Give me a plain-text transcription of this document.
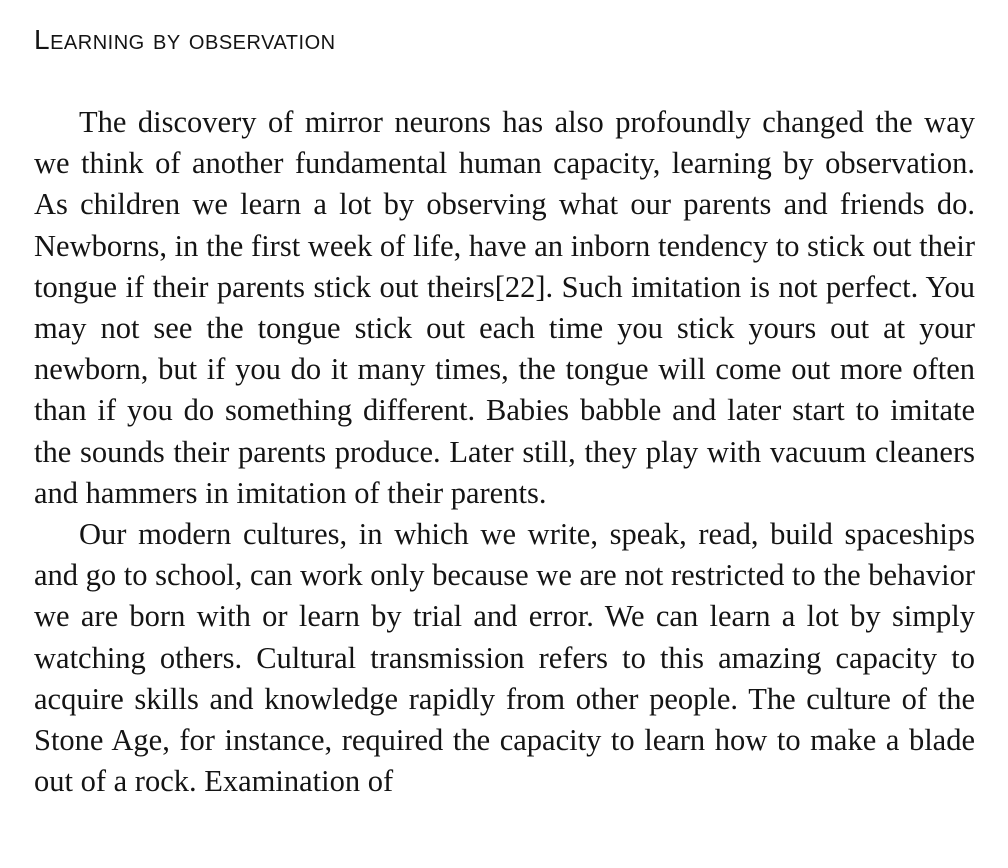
Learning by observation

The discovery of mirror neurons has also profoundly changed the way we think of another fundamental human capacity, learning by observation. As children we learn a lot by observing what our parents and friends do. Newborns, in the first week of life, have an inborn tendency to stick out their tongue if their parents stick out theirs[22]. Such imitation is not perfect. You may not see the tongue stick out each time you stick yours out at your newborn, but if you do it many times, the tongue will come out more often than if you do something different. Babies babble and later start to imitate the sounds their parents produce. Later still, they play with vacuum cleaners and hammers in imitation of their parents.

Our modern cultures, in which we write, speak, read, build spaceships and go to school, can work only because we are not restricted to the behavior we are born with or learn by trial and error. We can learn a lot by simply watching others. Cultural transmission refers to this amazing capacity to acquire skills and knowledge rapidly from other people. The culture of the Stone Age, for instance, required the capacity to learn how to make a blade out of a rock. Examination of
